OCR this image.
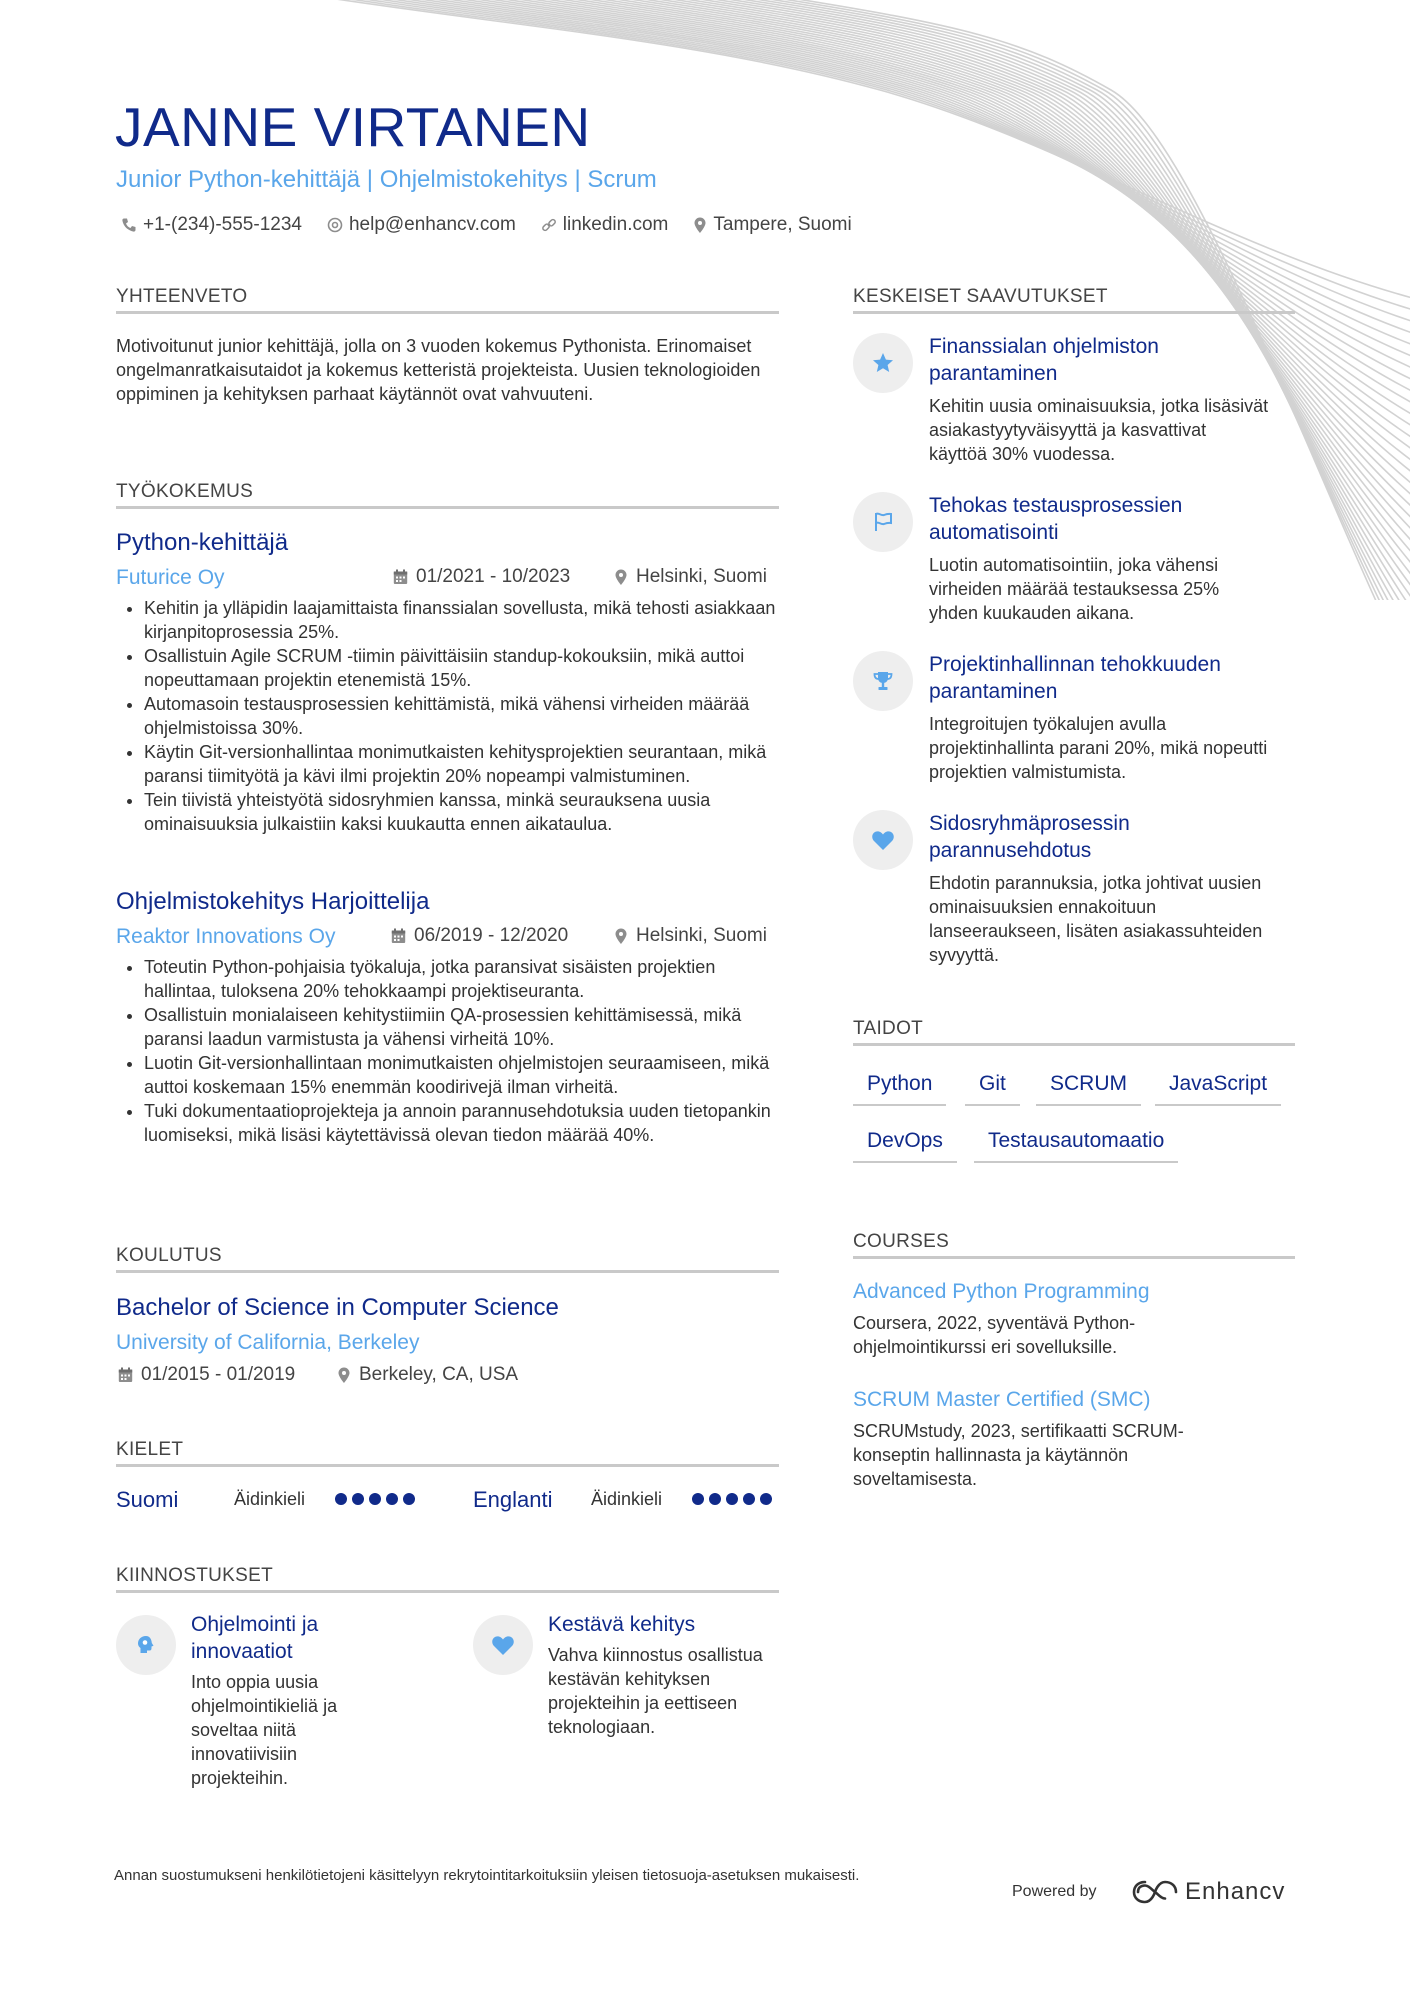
JANNE VIRTANEN
Junior Python-kehittäjä | Ohjelmistokehitys | Scrum
+1-(234)-555-1234 help@enhancv.com linkedin.com Tampere, Suomi
YHTEENVETO
Motivoitunut junior kehittäjä, jolla on 3 vuoden kokemus Pythonista. Erinomaiset ongelmanratkaisutaidot ja kokemus ketteristä projekteista. Uusien teknologioiden oppiminen ja kehityksen parhaat käytännöt ovat vahvuuteni.
TYÖKOKEMUS
Python-kehittäjä
Futurice Oy	01/2021 - 10/2023	Helsinki, Suomi
• Kehitin ja ylläpidin laajamittaista finanssialan sovellusta, mikä tehosti asiakkaan kirjanpitoprosessia 25%.
• Osallistuin Agile SCRUM -tiimin päivittäisiin standup-kokouksiin, mikä auttoi nopeuttamaan projektin etenemistä 15%.
• Automasoin testausprosessien kehittämistä, mikä vähensi virheiden määrää ohjelmistoissa 30%.
• Käytin Git-versionhallintaa monimutkaisten kehitysprojektien seurantaan, mikä paransi tiimityötä ja kävi ilmi projektin 20% nopeampi valmistuminen.
• Tein tiivistä yhteistyötä sidosryhmien kanssa, minkä seurauksena uusia ominaisuuksia julkaistiin kaksi kuukautta ennen aikataulua.
Ohjelmistokehitys Harjoittelija
Reaktor Innovations Oy	06/2019 - 12/2020	Helsinki, Suomi
• Toteutin Python-pohjaisia työkaluja, jotka paransivat sisäisten projektien hallintaa, tuloksena 20% tehokkaampi projektiseuranta.
• Osallistuin monialaiseen kehitystiimiin QA-prosessien kehittämisessä, mikä paransi laadun varmistusta ja vähensi virheitä 10%.
• Luotin Git-versionhallintaan monimutkaisten ohjelmistojen seuraamiseen, mikä auttoi koskemaan 15% enemmän koodirivejä ilman virheitä.
• Tuki dokumentaatioprojekteja ja annoin parannusehdotuksia uuden tietopankin luomiseksi, mikä lisäsi käytettävissä olevan tiedon määrää 40%.
KOULUTUS
Bachelor of Science in Computer Science
University of California, Berkeley
01/2015 - 01/2019	Berkeley, CA, USA
KIELET
Suomi	Äidinkieli	Englanti Äidinkieli
KIINNOSTUKSET
Ohjelmointi ja innovaatiot
Into oppia uusia ohjelmointikieliä ja soveltaa niitä innovatiivisiin projekteihin.
Kestävä kehitys
Vahva kiinnostus osallistua kestävän kehityksen projekteihin ja eettiseen teknologiaan.
KESKEISET SAAVUTUKSET
Finanssialan ohjelmiston parantaminen
Kehitin uusia ominaisuuksia, jotka lisäsivät asiakastyytyväisyyttä ja kasvattivat käyttöä 30% vuodessa.
Tehokas testausprosessien automatisointi
Luotin automatisointiin, joka vähensi virheiden määrää testauksessa 25% yhden kuukauden aikana.
Projektinhallinnan tehokkuuden parantaminen
Integroitujen työkalujen avulla projektinhallinta parani 20%, mikä nopeutti projektien valmistumista.
Sidosryhmäprosessin parannusehdotus
Ehdotin parannuksia, jotka johtivat uusien ominaisuuksien ennakoituun lanseeraukseen, lisäten asiakassuhteiden syvyyttä.
TAIDOT
Python	Git	SCRUM	JavaScript
DevOps	Testausautomaatio
COURSES
Advanced Python Programming
Coursera, 2022, syventävä Python-ohjelmointikurssi eri sovelluksille.
SCRUM Master Certified (SMC)
SCRUMstudy, 2023, sertifikaatti SCRUM-konseptin hallinnasta ja käytännön soveltamisesta.
Annan suostumukseni henkilötietojeni käsittelyyn rekrytointitarkoituksiin yleisen tietosuoja-asetuksen mukaisesti.
Powered by	Enhancv
